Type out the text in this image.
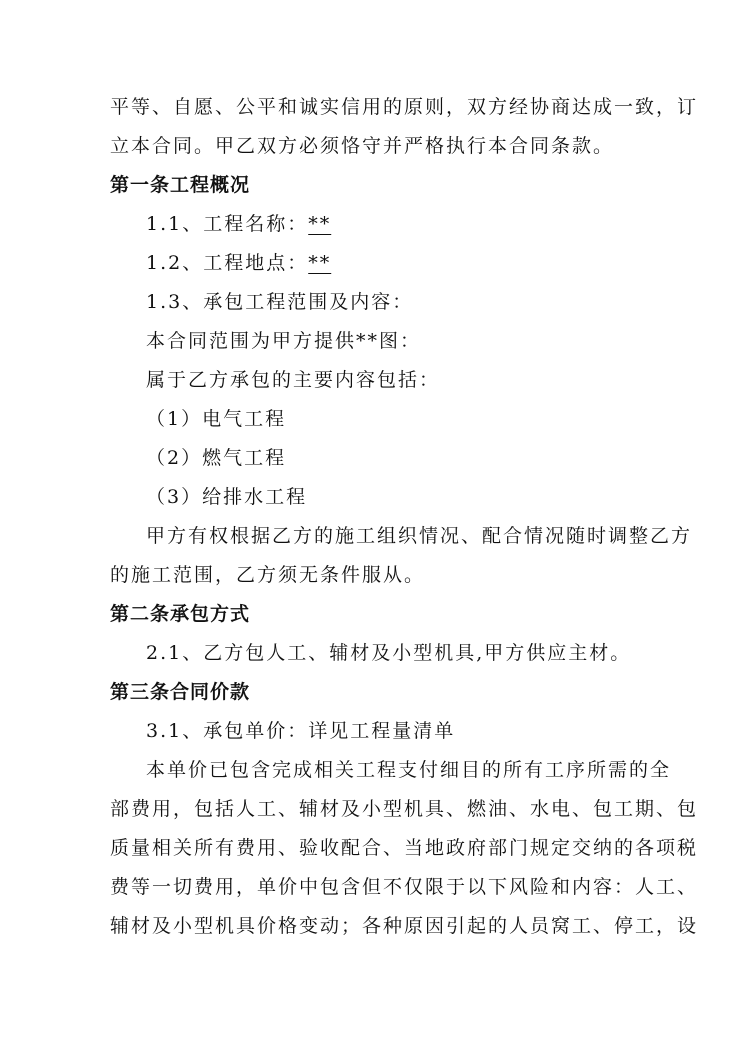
平等、自愿、公平和诚实信用的原则，双方经协商达成一致，订
立本合同。甲乙双方必须恪守并严格执行本合同条款。
第一条工程概况
1.1、工程名称：**
1.2、工程地点：**
1.3、承包工程范围及内容：
本合同范围为甲方提供**图：
属于乙方承包的主要内容包括：
（1）电气工程
（2）燃气工程
（3）给排水工程
甲方有权根据乙方的施工组织情况、配合情况随时调整乙方
的施工范围，乙方须无条件服从。
第二条承包方式
2.1、乙方包人工、辅材及小型机具,甲方供应主材。
第三条合同价款
3.1、承包单价：详见工程量清单
本单价已包含完成相关工程支付细目的所有工序所需的全
部费用，包括人工、辅材及小型机具、燃油、水电、包工期、包
质量相关所有费用、验收配合、当地政府部门规定交纳的各项税
费等一切费用，单价中包含但不仅限于以下风险和内容：人工、
辅材及小型机具价格变动；各种原因引起的人员窝工、停工，设
